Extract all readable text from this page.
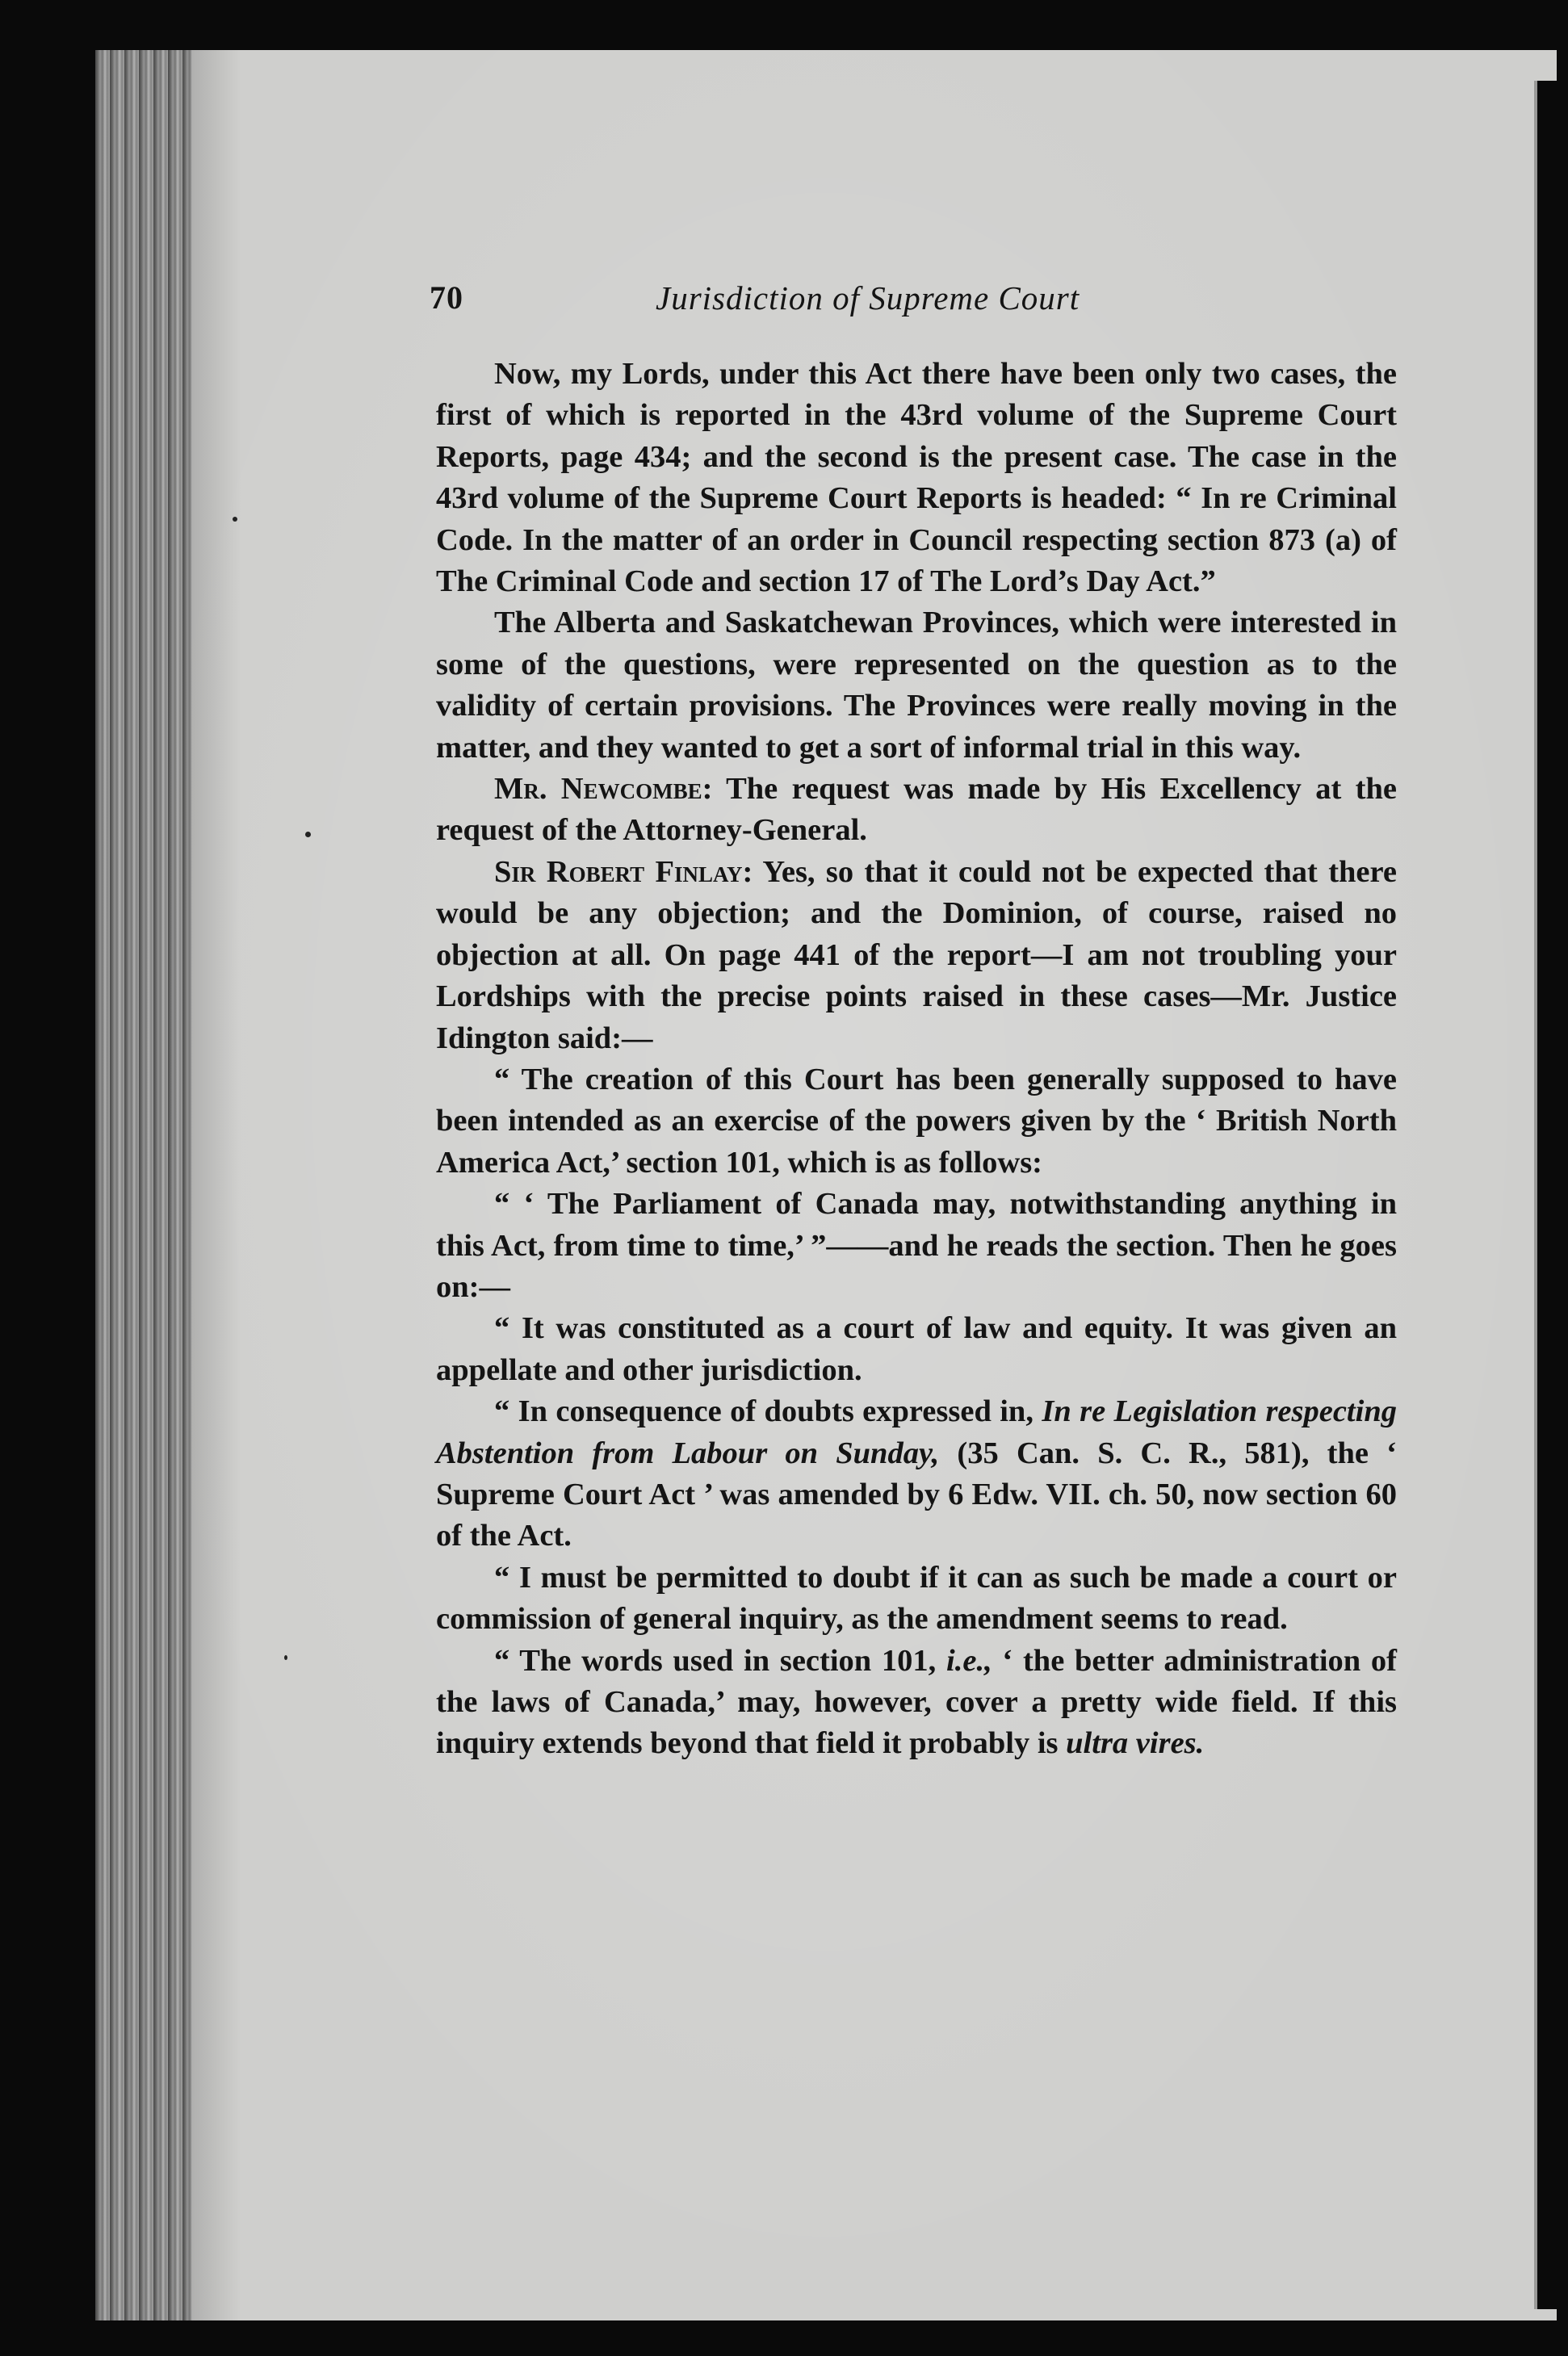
70	Jurisdiction of Supreme Court

Now, my Lords, under this Act there have been only two cases, the first of which is reported in the 43rd volume of the Supreme Court Reports, page 434; and the second is the present case. The case in the 43rd volume of the Supreme Court Reports is headed: “ In re Criminal Code. In the matter of an order in Council respecting section 873 (a) of The Criminal Code and section 17 of The Lord’s Day Act.”

The Alberta and Saskatchewan Provinces, which were interested in some of the questions, were represented on the question as to the validity of certain provisions. The Provinces were really moving in the matter, and they wanted to get a sort of informal trial in this way.

Mr. Newcombe: The request was made by His Excellency at the request of the Attorney-General.

Sir Robert Finlay: Yes, so that it could not be expected that there would be any objection; and the Dominion, of course, raised no objection at all. On page 441 of the report—I am not troubling your Lordships with the precise points raised in these cases—Mr. Justice Idington said:—

“ The creation of this Court has been generally supposed to have been intended as an exercise of the powers given by the ‘ British North America Act,’ section 101, which is as follows:

“ ‘ The Parliament of Canada may, notwithstanding anything in this Act, from time to time,’ ”——and he reads the section. Then he goes on:—

“ It was constituted as a court of law and equity. It was given an appellate and other jurisdiction.

“ In consequence of doubts expressed in, In re Legislation respecting Abstention from Labour on Sunday, (35 Can. S. C. R., 581), the ‘ Supreme Court Act ’ was amended by 6 Edw. VII. ch. 50, now section 60 of the Act.

“ I must be permitted to doubt if it can as such be made a court or commission of general inquiry, as the amendment seems to read.

“ The words used in section 101, i.e., ‘ the better administration of the laws of Canada,’ may, however, cover a pretty wide field. If this inquiry extends beyond that field it probably is ultra vires.
